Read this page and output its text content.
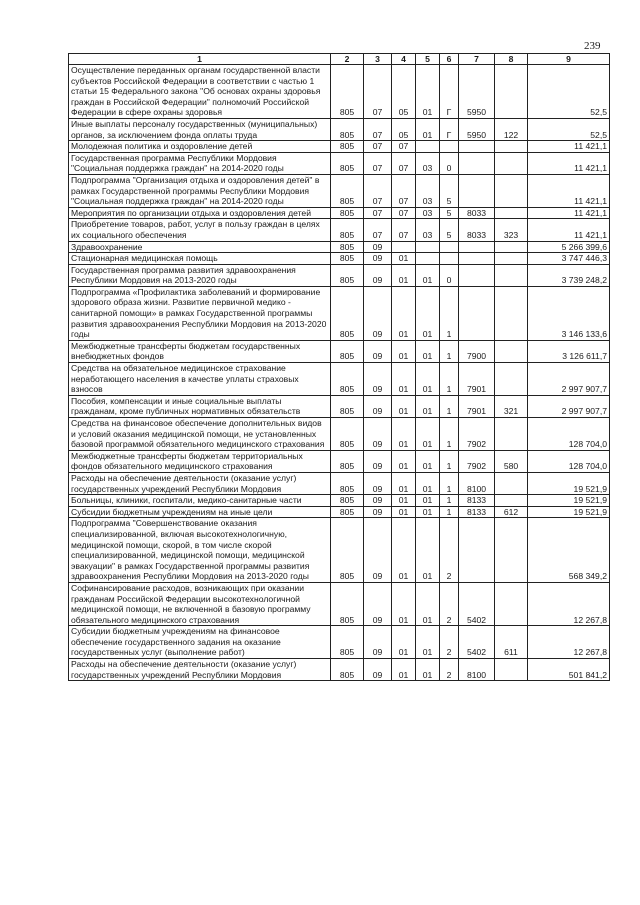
239
1	2	3	4	5	6	7	8	9
Осуществление переданных органам государственной власти субъектов Российской Федерации в соответствии с частью 1 статьи 15 Федерального закона "Об основах охраны здоровья граждан в Российской Федерации" полномочий Российской Федерации в сфере охраны здоровья	805	07	05	01	Г	5950		52,5
Иные выплаты персоналу государственных (муниципальных) органов, за исключением фонда оплаты труда	805	07	05	01	Г	5950	122	52,5
Молодежная политика и оздоровление детей	805	07	07					11 421,1
Государственная программа Республики Мордовия "Социальная поддержка граждан" на 2014-2020 годы	805	07	07	03	0			11 421,1
Подпрограмма "Организация отдыха и оздоровления детей" в рамках Государственной программы Республики Мордовия "Социальная поддержка граждан" на 2014-2020 годы	805	07	07	03	5			11 421,1
Мероприятия по организации отдыха и оздоровления детей	805	07	07	03	5	8033		11 421,1
Приобретение товаров, работ, услуг в пользу граждан в целях их социального обеспечения	805	07	07	03	5	8033	323	11 421,1
Здравоохранение	805	09						5 266 399,6
Стационарная медицинская помощь	805	09	01					3 747 446,3
Государственная программа развития здравоохранения Республики Мордовия на 2013-2020 годы	805	09	01	01	0			3 739 248,2
Подпрограмма «Профилактика заболеваний и формирование здорового образа жизни. Развитие первичной медико - санитарной помощи» в рамках Государственной программы развития здравоохранения Республики Мордовия на 2013-2020 годы	805	09	01	01	1			3 146 133,6
Межбюджетные трансферты бюджетам государственных внебюджетных фондов	805	09	01	01	1	7900		3 126 611,7
Средства на обязательное медицинское страхование неработающего населения в качестве уплаты страховых взносов	805	09	01	01	1	7901		2 997 907,7
Пособия, компенсации и иные социальные выплаты гражданам, кроме публичных нормативных обязательств	805	09	01	01	1	7901	321	2 997 907,7
Средства на финансовое обеспечение дополнительных видов и условий оказания медицинской помощи, не установленных базовой программой обязательного медицинского страхования	805	09	01	01	1	7902		128 704,0
Межбюджетные трансферты бюджетам территориальных фондов обязательного медицинского страхования	805	09	01	01	1	7902	580	128 704,0
Расходы на обеспечение деятельности (оказание услуг) государственных учреждений Республики Мордовия	805	09	01	01	1	8100		19 521,9
Больницы, клиники, госпитали, медико-санитарные части	805	09	01	01	1	8133		19 521,9
Субсидии бюджетным учреждениям на иные цели	805	09	01	01	1	8133	612	19 521,9
Подпрограмма "Совершенствование оказания специализированной, включая высокотехнологичную, медицинской помощи, скорой, в том числе скорой специализированной, медицинской помощи, медицинской эвакуации" в рамках Государственной программы развития здравоохранения Республики Мордовия на 2013-2020 годы	805	09	01	01	2			568 349,2
Софинансирование расходов, возникающих при оказании гражданам Российской Федерации высокотехнологичной медицинской помощи, не включенной в базовую программу обязательного медицинского страхования	805	09	01	01	2	5402		12 267,8
Субсидии бюджетным учреждениям на финансовое обеспечение государственного задания на оказание государственных услуг (выполнение работ)	805	09	01	01	2	5402	611	12 267,8
Расходы на обеспечение деятельности (оказание услуг) государственных учреждений Республики Мордовия	805	09	01	01	2	8100		501 841,2
